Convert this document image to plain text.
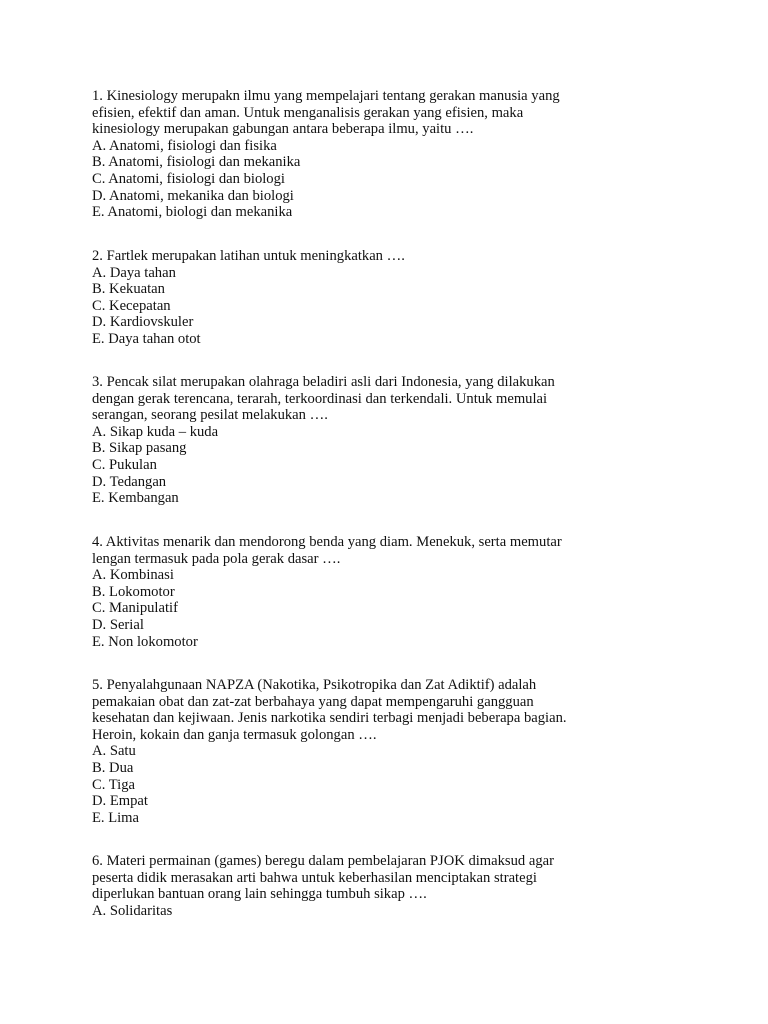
1. Kinesiology merupakn ilmu yang mempelajari tentang gerakan manusia yang
efisien, efektif dan aman. Untuk menganalisis gerakan yang efisien, maka
kinesiology merupakan gabungan antara beberapa ilmu, yaitu ….
A. Anatomi, fisiologi dan fisika
B. Anatomi, fisiologi dan mekanika
C. Anatomi, fisiologi dan biologi
D. Anatomi, mekanika dan biologi
E. Anatomi, biologi dan mekanika
2. Fartlek merupakan latihan untuk meningkatkan ….
A. Daya tahan
B. Kekuatan
C. Kecepatan
D. Kardiovskuler
E. Daya tahan otot
3. Pencak silat merupakan olahraga beladiri asli dari Indonesia, yang dilakukan
dengan gerak terencana, terarah, terkoordinasi dan terkendali. Untuk memulai
serangan, seorang pesilat melakukan ….
A. Sikap kuda – kuda
B. Sikap pasang
C. Pukulan
D. Tedangan
E. Kembangan
4. Aktivitas menarik dan mendorong benda yang diam. Menekuk, serta memutar
lengan termasuk pada pola gerak dasar ….
A. Kombinasi
B. Lokomotor
C. Manipulatif
D. Serial
E. Non lokomotor
5. Penyalahgunaan NAPZA (Nakotika, Psikotropika dan Zat Adiktif) adalah
pemakaian obat dan zat-zat berbahaya yang dapat mempengaruhi gangguan
kesehatan dan kejiwaan. Jenis narkotika sendiri terbagi menjadi beberapa bagian.
Heroin, kokain dan ganja termasuk golongan ….
A. Satu
B. Dua
C. Tiga
D. Empat
E. Lima
6. Materi permainan (games) beregu dalam pembelajaran PJOK dimaksud agar
peserta didik merasakan arti bahwa untuk keberhasilan menciptakan strategi
diperlukan bantuan orang lain sehingga tumbuh sikap ….
A. Solidaritas
